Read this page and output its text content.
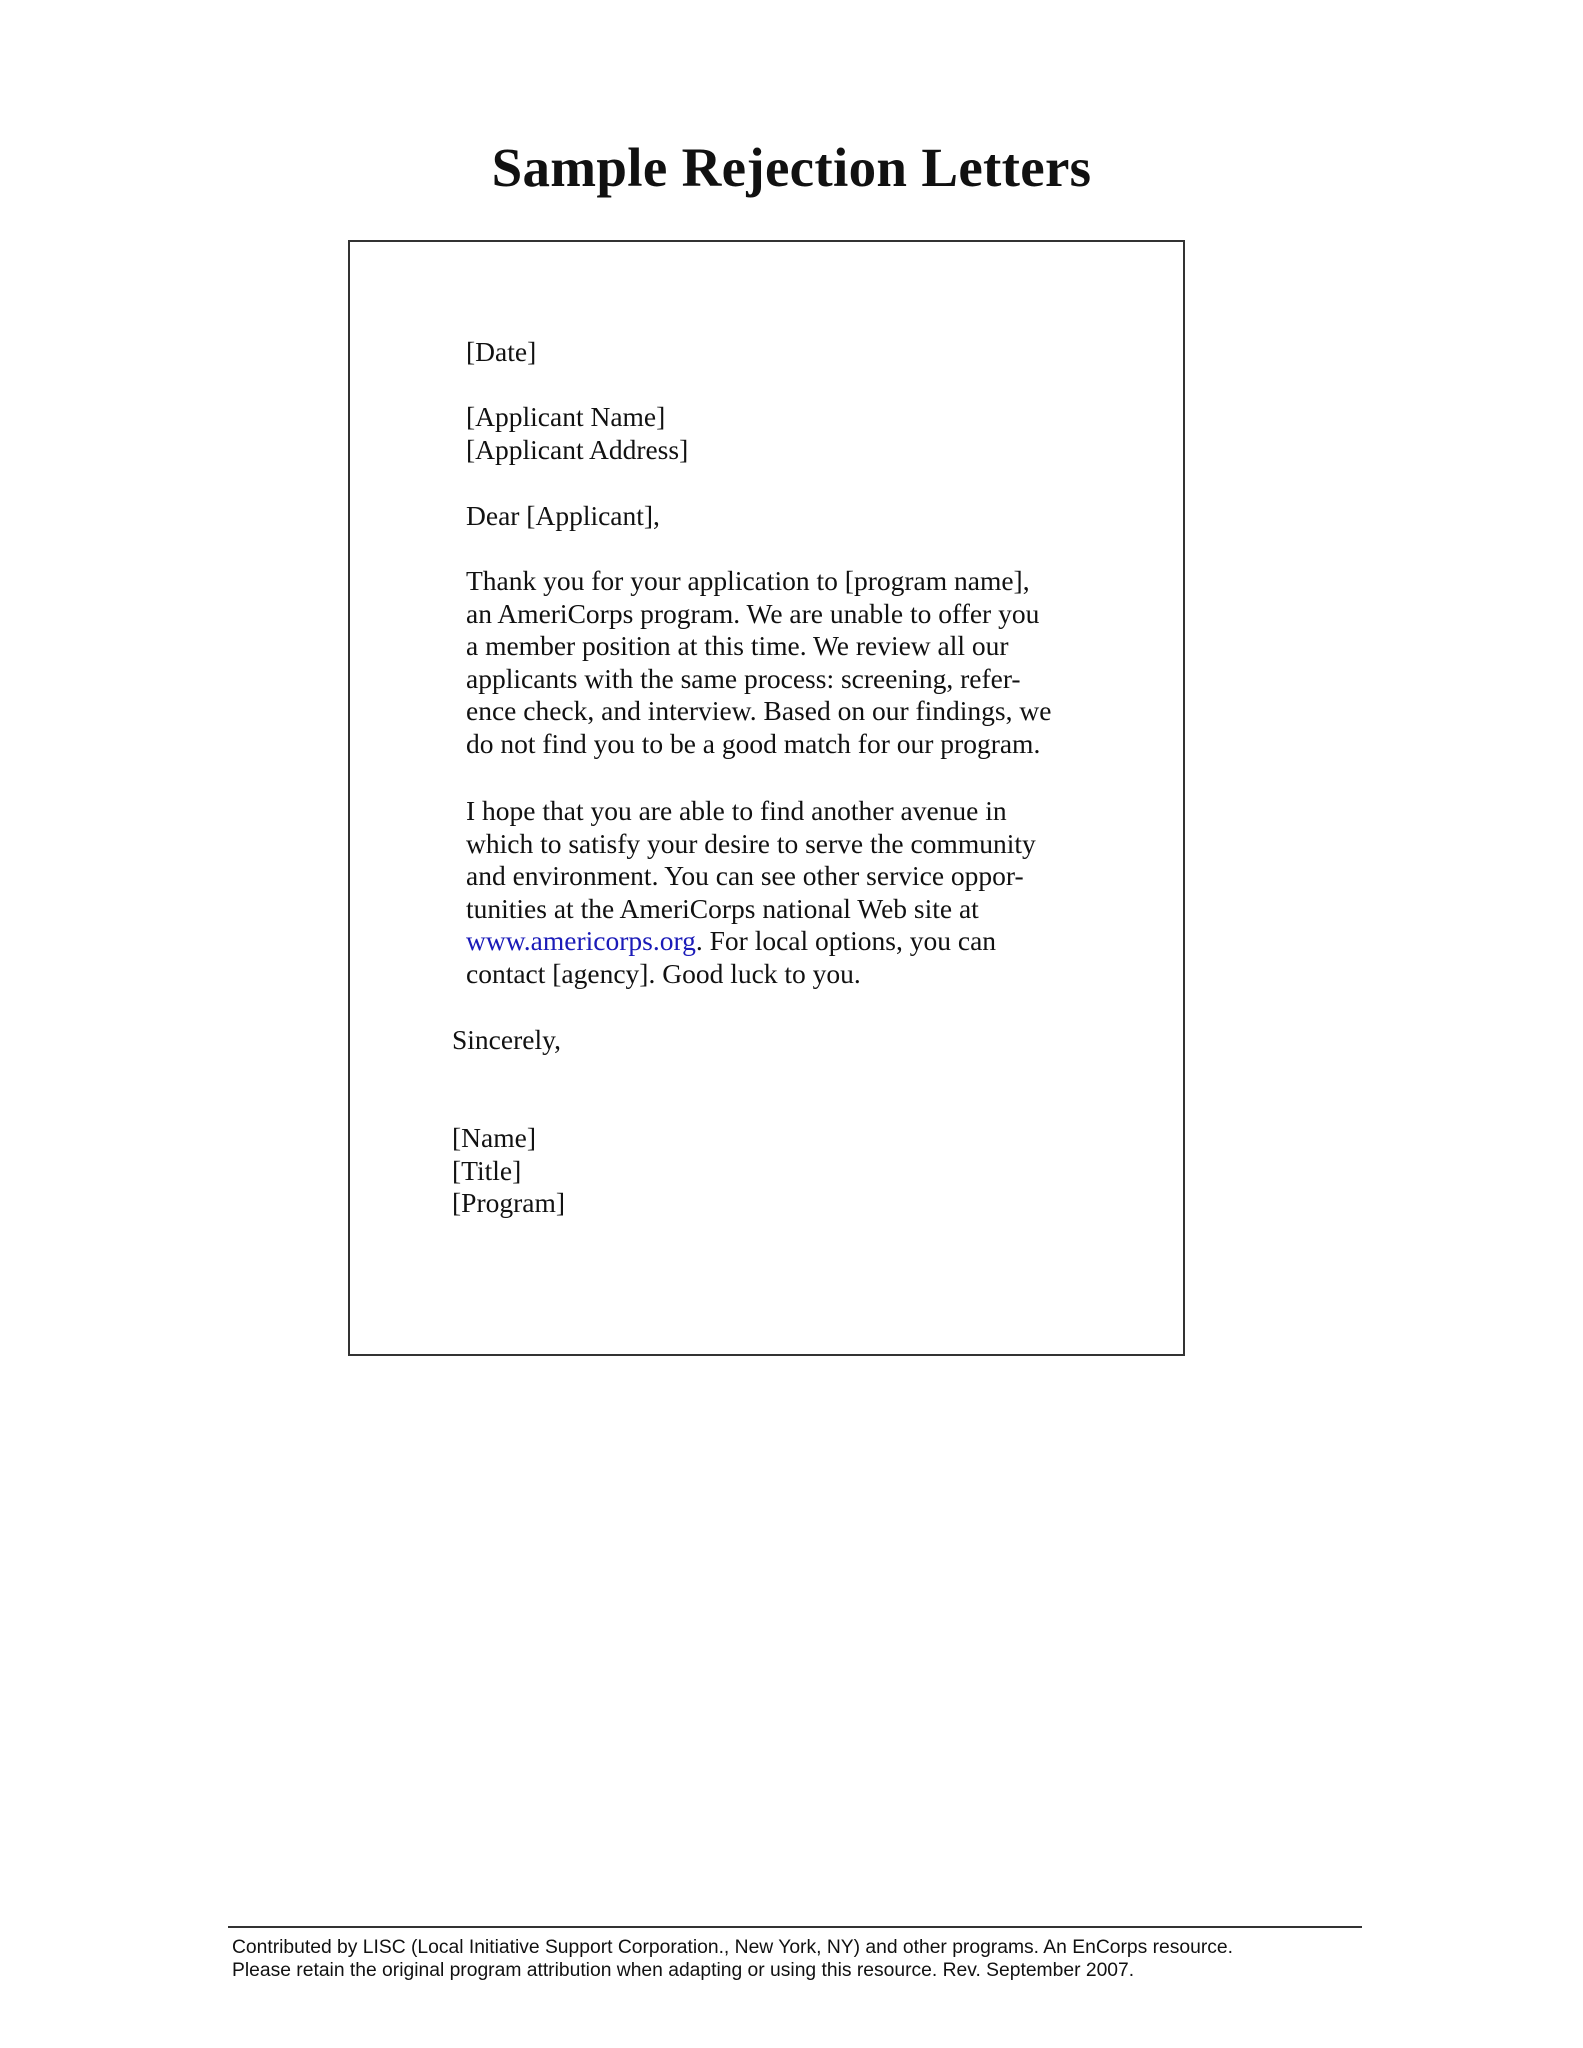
Sample Rejection Letters
[Date]
[Applicant Name]
[Applicant Address]
Dear [Applicant],
Thank you for your application to [program name],
an AmeriCorps program. We are unable to offer you
a member position at this time. We review all our
applicants with the same process: screening, refer-
ence check, and interview. Based on our findings, we
do not find you to be a good match for our program.
I hope that you are able to find another avenue in
which to satisfy your desire to serve the community
and environment. You can see other service oppor-
tunities at the AmeriCorps national Web site at
www.americorps.org. For local options, you can
contact [agency]. Good luck to you.
Sincerely,
[Name]
[Title]
[Program]
Contributed by LISC (Local Initiative Support Corporation., New York, NY) and other programs. An EnCorps resource.
Please retain the original program attribution when adapting or using this resource. Rev. September 2007.
